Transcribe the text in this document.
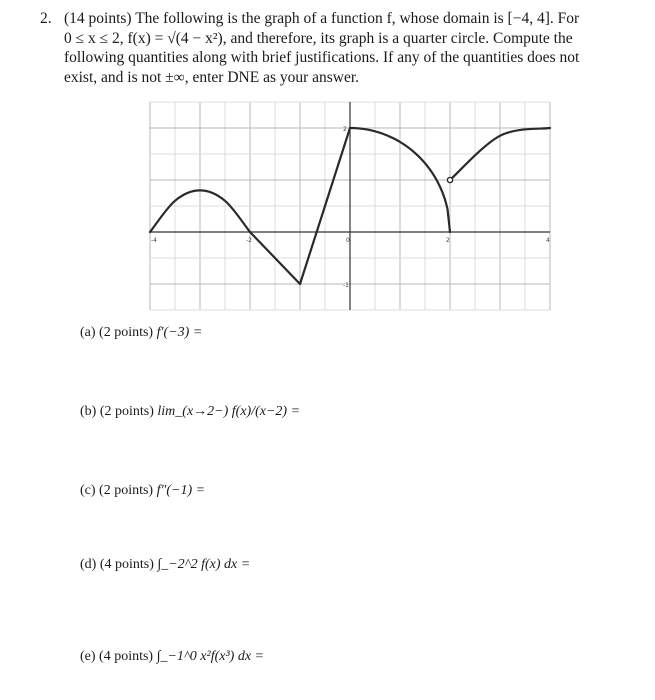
2. (14 points) The following is the graph of a function f, whose domain is [−4, 4]. For
0 ≤ x ≤ 2, f(x) = √(4 − x²), and therefore, its graph is a quarter circle. Compute the
following quantities along with brief justifications. If any of the quantities does not
exist, and is not ±∞, enter DNE as your answer.
-4	-2	0	2	4
2
-1
(a) (2 points) f′(−3) =
(b) (2 points) lim_(x→2−) f(x)/(x−2) =
(c) (2 points) f″(−1) =
(d) (4 points) ∫_−2^2 f(x) dx =
(e) (4 points) ∫_−1^0 x²f(x³) dx =
